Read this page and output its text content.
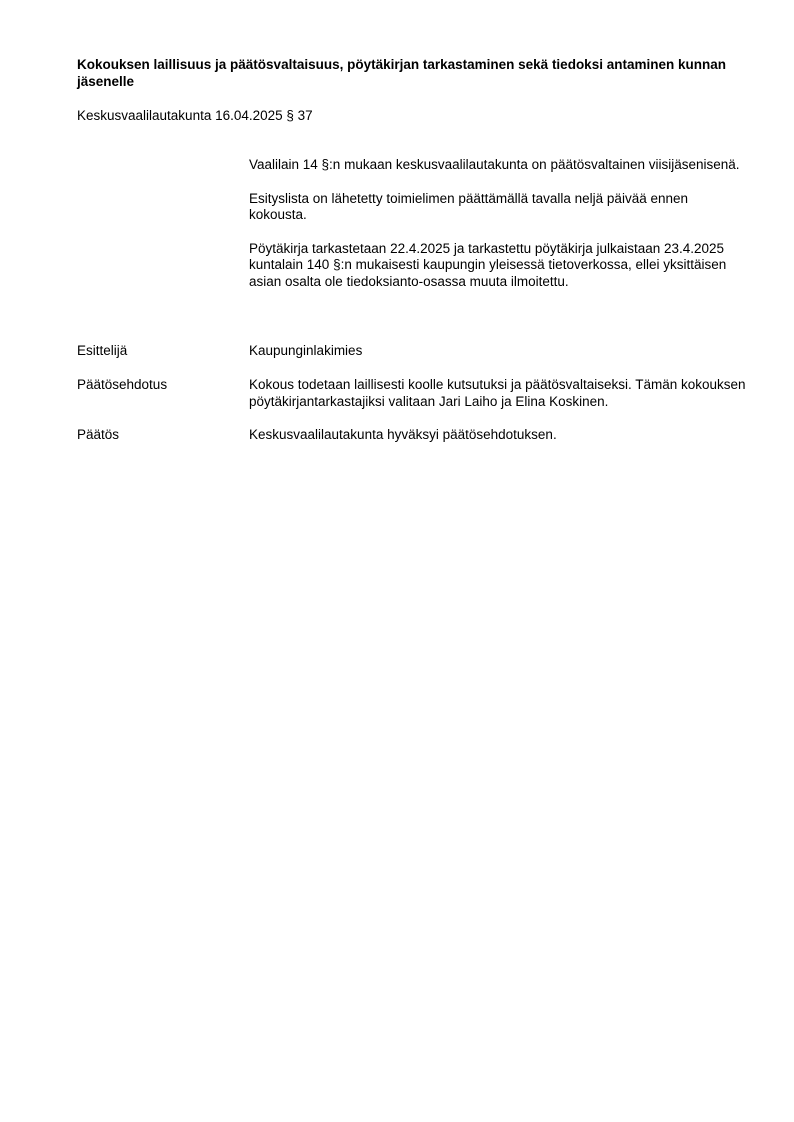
Kokouksen laillisuus ja päätösvaltaisuus, pöytäkirjan tarkastaminen sekä tiedoksi antaminen kunnan jäsenelle
Keskusvaalilautakunta 16.04.2025 § 37

Vaalilain 14 §:n mukaan keskusvaalilautakunta on päätösvaltainen viisijäsenisenä.

Esityslista on lähetetty toimielimen päättämällä tavalla neljä päivää ennen kokousta.

Pöytäkirja tarkastetaan 22.4.2025 ja tarkastettu pöytäkirja julkaistaan 23.4.2025 kuntalain 140 §:n mukaisesti kaupungin yleisessä tietoverkossa, ellei yksittäisen asian osalta ole tiedoksianto-osassa muuta ilmoitettu.

Esittelijä	Kaupunginlakimies
Päätösehdotus	Kokous todetaan laillisesti koolle kutsutuksi ja päätösvaltaiseksi. Tämän kokouksen pöytäkirjantarkastajiksi valitaan Jari Laiho ja Elina Koskinen.
Päätös	Keskusvaalilautakunta hyväksyi päätösehdotuksen.
